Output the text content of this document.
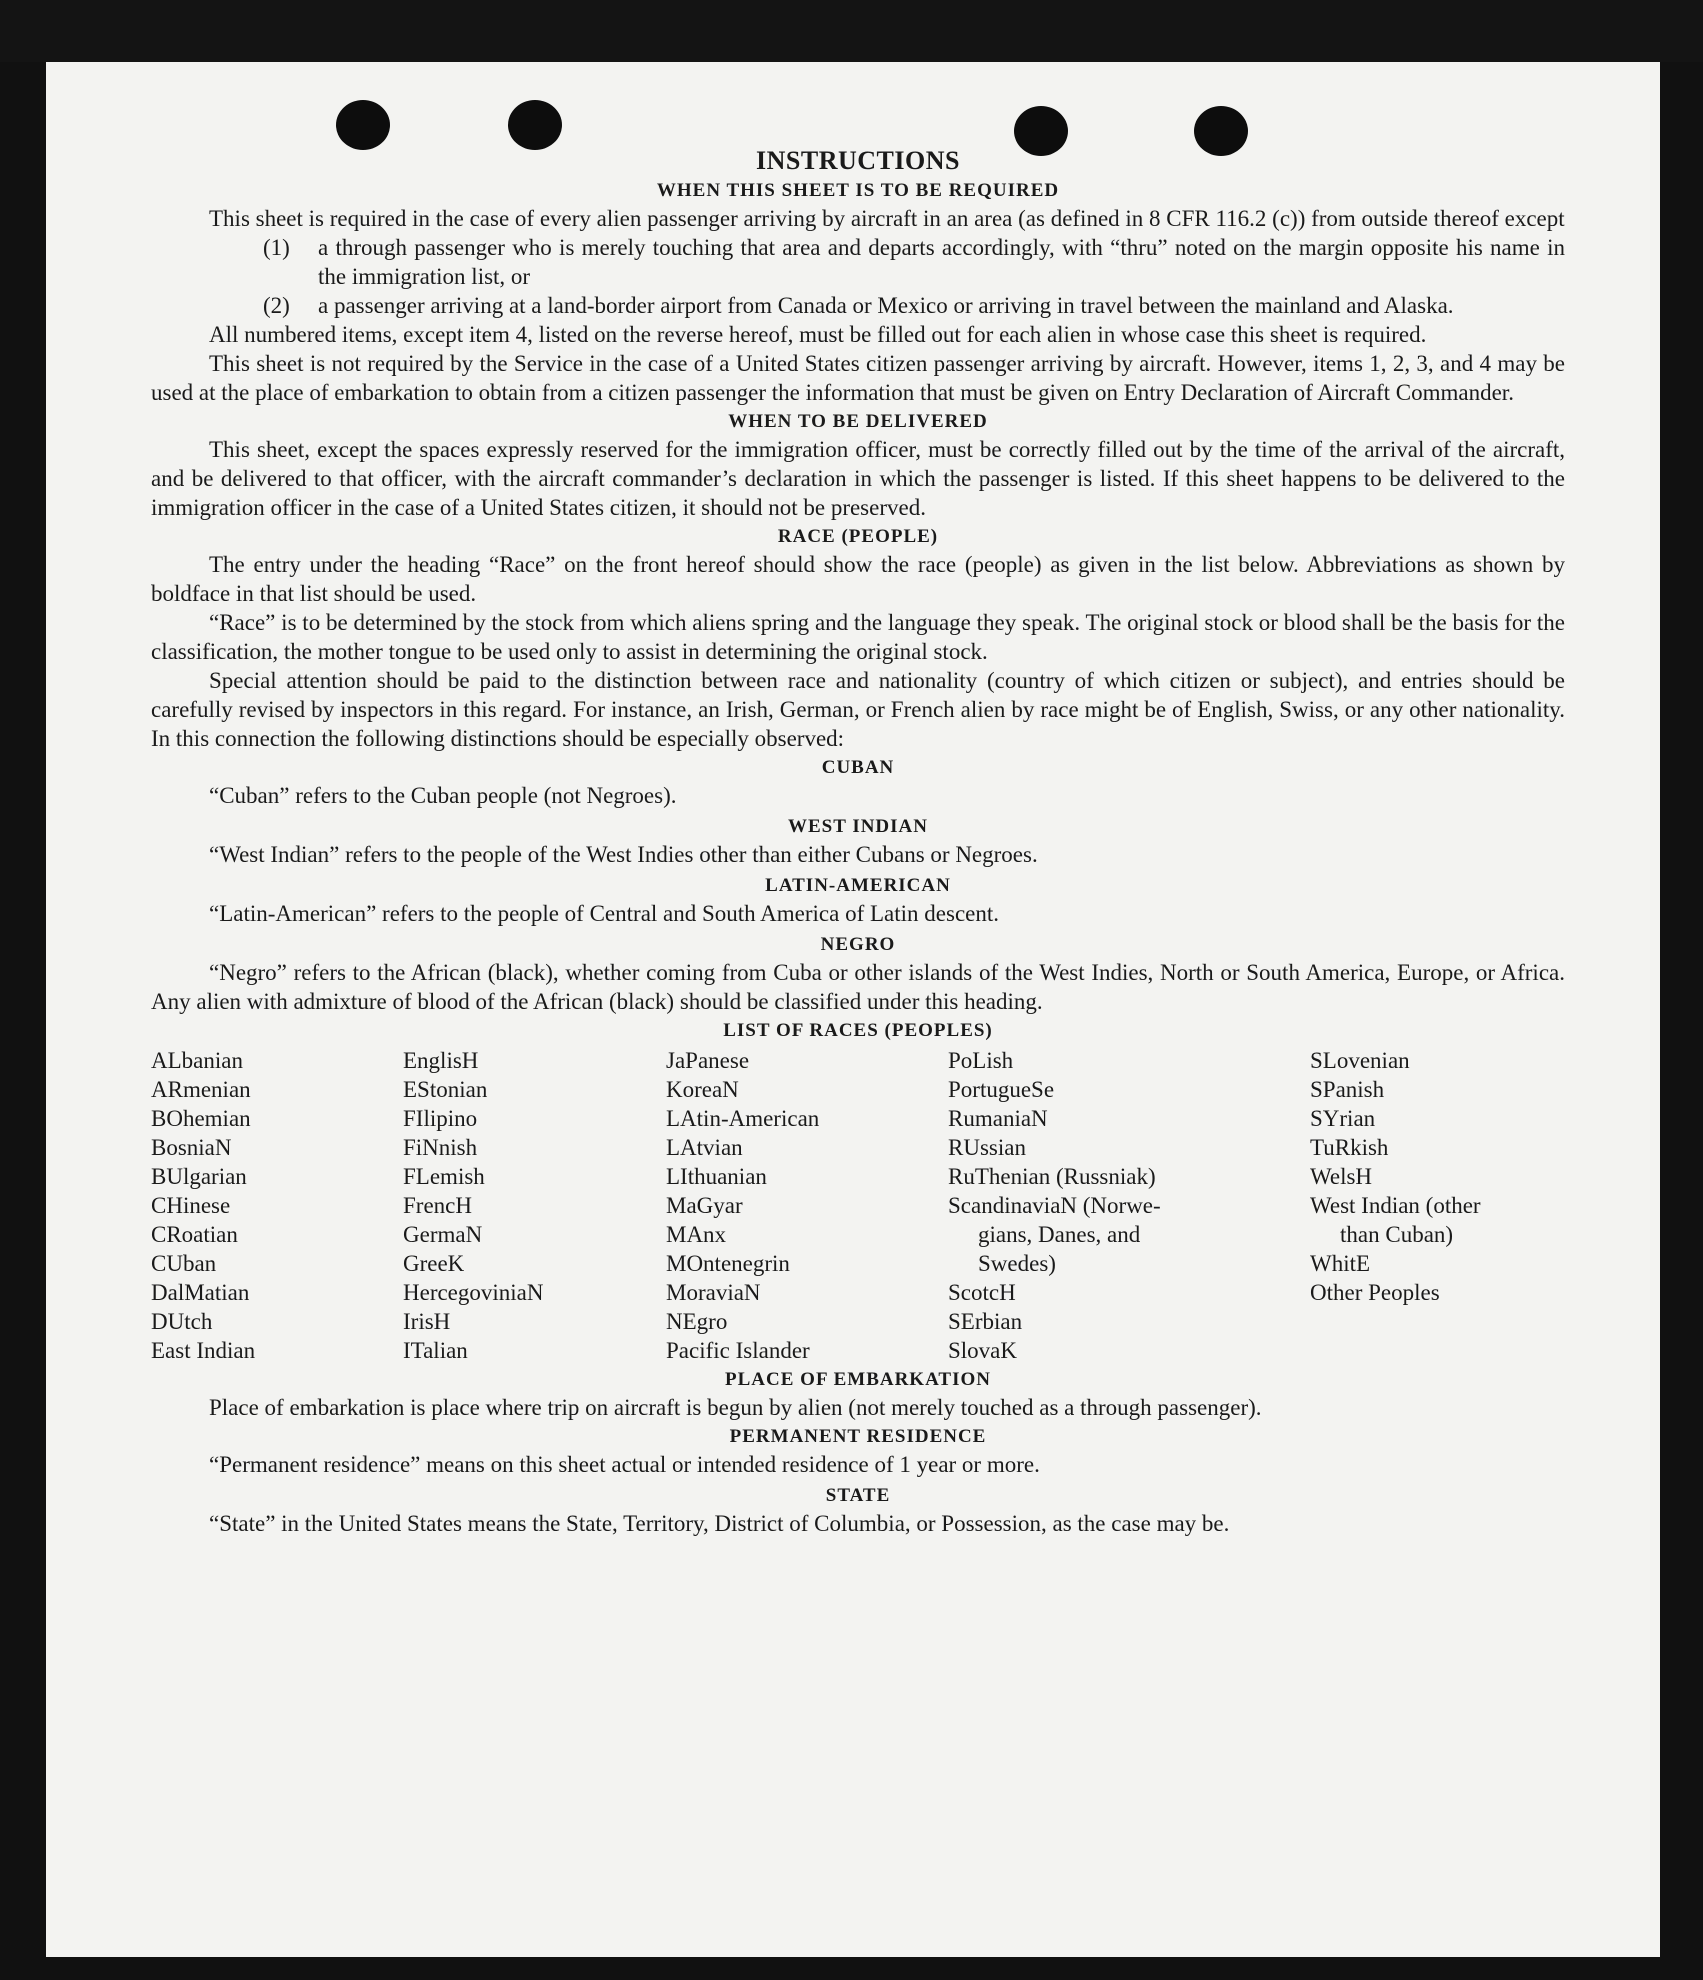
INSTRUCTIONS
WHEN THIS SHEET IS TO BE REQUIRED

This sheet is required in the case of every alien passenger arriving by aircraft in an area (as defined in 8 CFR 116.2 (c)) from outside thereof except

(1)	a through passenger who is merely touching that area and departs accordingly, with “thru” noted on the margin opposite his name in the immigration list, or
(2)	a passenger arriving at a land-border airport from Canada or Mexico or arriving in travel between the mainland and Alaska.

All numbered items, except item 4, listed on the reverse hereof, must be filled out for each alien in whose case this sheet is required.

This sheet is not required by the Service in the case of a United States citizen passenger arriving by aircraft. However, items 1, 2, 3, and 4 may be used at the place of embarkation to obtain from a citizen passenger the information that must be given on Entry Declaration of Aircraft Commander.

WHEN TO BE DELIVERED

This sheet, except the spaces expressly reserved for the immigration officer, must be correctly filled out by the time of the arrival of the aircraft, and be delivered to that officer, with the aircraft commander’s declaration in which the passenger is listed. If this sheet happens to be delivered to the immigration officer in the case of a United States citizen, it should not be preserved.

RACE (PEOPLE)

The entry under the heading “Race” on the front hereof should show the race (people) as given in the list below. Abbreviations as shown by boldface in that list should be used.

“Race” is to be determined by the stock from which aliens spring and the language they speak. The original stock or blood shall be the basis for the classification, the mother tongue to be used only to assist in determining the original stock.

Special attention should be paid to the distinction between race and nationality (country of which citizen or subject), and entries should be carefully revised by inspectors in this regard. For instance, an Irish, German, or French alien by race might be of English, Swiss, or any other nationality. In this connection the following distinctions should be especially observed:

CUBAN
“Cuban” refers to the Cuban people (not Negroes).
WEST INDIAN
“West Indian” refers to the people of the West Indies other than either Cubans or Negroes.
LATIN-AMERICAN
“Latin-American” refers to the people of Central and South America of Latin descent.
NEGRO

“Negro” refers to the African (black), whether coming from Cuba or other islands of the West Indies, North or South America, Europe, or Africa. Any alien with admixture of blood of the African (black) should be classified under this heading.

LIST OF RACES (PEOPLES)
ALbanian
ARmenian
BOhemian
BosniaN
BUlgarian
CHinese
CRoatian
CUban
DalMatian
DUtch
East Indian
EnglisH
EStonian
FIlipino
FiNnish
FLemish
FrencH
GermaN
GreeK
HercegoviniaN
IrisH
ITalian
JaPanese
KoreaN
LAtin-American
LAtvian
LIthuanian
MaGyar
MAnx
MOntenegrin
MoraviaN
NEgro
Pacific Islander
PoLish
PortugueSe
RumaniaN
RUssian
RuThenian (Russniak)
ScandinaviaN (Norwe-
gians, Danes, and
Swedes)
ScotcH
SErbian
SlovaK
SLovenian
SPanish
SYrian
TuRkish
WelsH
West Indian (other
than Cuban)
WhitE
Other Peoples
PLACE OF EMBARKATION

Place of embarkation is place where trip on aircraft is begun by alien (not merely touched as a through passenger).

PERMANENT RESIDENCE
“Permanent residence” means on this sheet actual or intended residence of 1 year or more.
STATE

“State” in the United States means the State, Territory, District of Columbia, or Possession, as the case may be.
